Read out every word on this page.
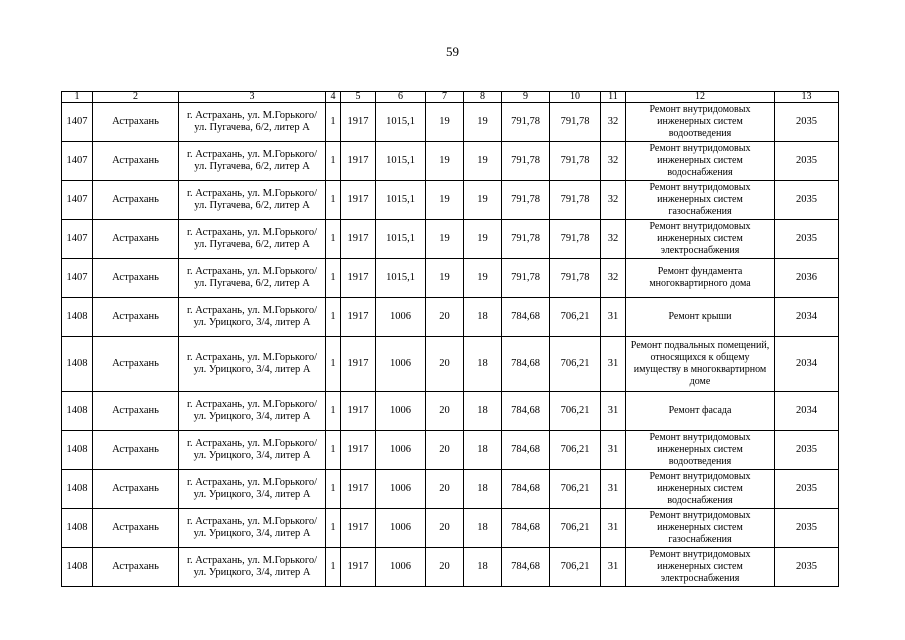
59
1	2	3	4	5	6	7	8	9	10	11	12	13
1407	Астрахань	г. Астрахань, ул. М.Горького/ ул. Пугачева, 6/2, литер А	1	1917	1015,1	19	19	791,78	791,78	32	Ремонт внутридомовых инженерных систем водоотведения	2035
1407	Астрахань	г. Астрахань, ул. М.Горького/ ул. Пугачева, 6/2, литер А	1	1917	1015,1	19	19	791,78	791,78	32	Ремонт внутридомовых инженерных систем водоснабжения	2035
1407	Астрахань	г. Астрахань, ул. М.Горького/ ул. Пугачева, 6/2, литер А	1	1917	1015,1	19	19	791,78	791,78	32	Ремонт внутридомовых инженерных систем газоснабжения	2035
1407	Астрахань	г. Астрахань, ул. М.Горького/ ул. Пугачева, 6/2, литер А	1	1917	1015,1	19	19	791,78	791,78	32	Ремонт внутридомовых инженерных систем электроснабжения	2035
1407	Астрахань	г. Астрахань, ул. М.Горького/ ул. Пугачева, 6/2, литер А	1	1917	1015,1	19	19	791,78	791,78	32	Ремонт фундамента многоквартирного дома	2036
1408	Астрахань	г. Астрахань, ул. М.Горького/ ул. Урицкого, 3/4, литер А	1	1917	1006	20	18	784,68	706,21	31	Ремонт крыши	2034
1408	Астрахань	г. Астрахань, ул. М.Горького/ ул. Урицкого, 3/4, литер А	1	1917	1006	20	18	784,68	706,21	31	Ремонт подвальных помещений, относящихся к общему имуществу в многоквартирном доме	2034
1408	Астрахань	г. Астрахань, ул. М.Горького/ ул. Урицкого, 3/4, литер А	1	1917	1006	20	18	784,68	706,21	31	Ремонт фасада	2034
1408	Астрахань	г. Астрахань, ул. М.Горького/ ул. Урицкого, 3/4, литер А	1	1917	1006	20	18	784,68	706,21	31	Ремонт внутридомовых инженерных систем водоотведения	2035
1408	Астрахань	г. Астрахань, ул. М.Горького/ ул. Урицкого, 3/4, литер А	1	1917	1006	20	18	784,68	706,21	31	Ремонт внутридомовых инженерных систем водоснабжения	2035
1408	Астрахань	г. Астрахань, ул. М.Горького/ ул. Урицкого, 3/4, литер А	1	1917	1006	20	18	784,68	706,21	31	Ремонт внутридомовых инженерных систем газоснабжения	2035
1408	Астрахань	г. Астрахань, ул. М.Горького/ ул. Урицкого, 3/4, литер А	1	1917	1006	20	18	784,68	706,21	31	Ремонт внутридомовых инженерных систем электроснабжения	2035
